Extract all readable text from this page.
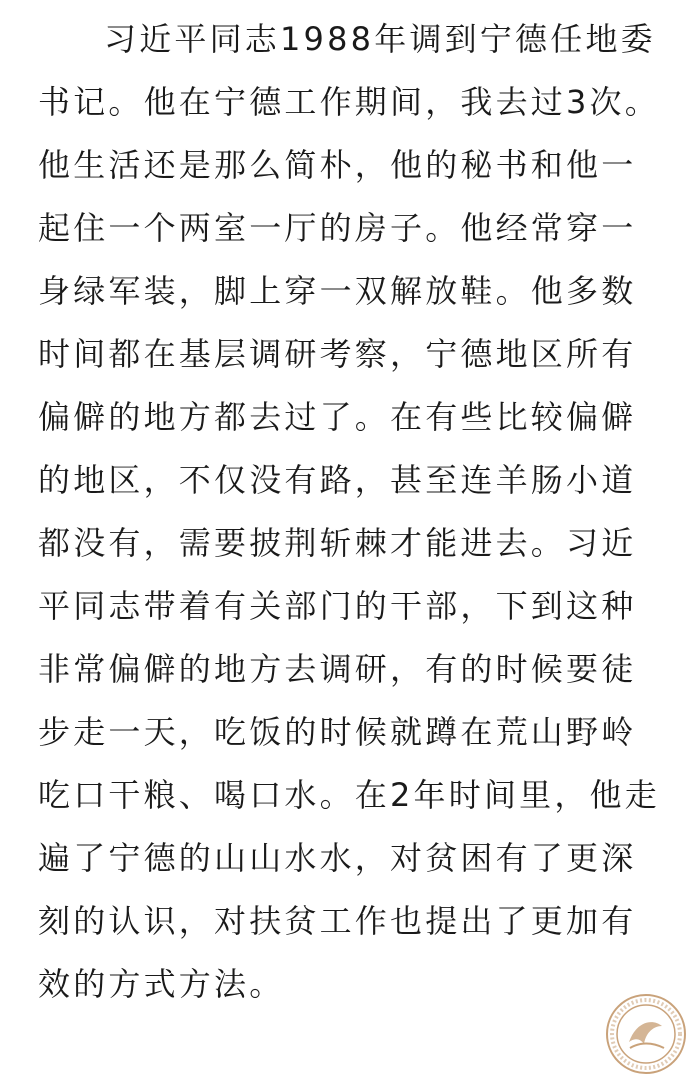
习近平同志1988年调到宁德任地委
书记。他在宁德工作期间，我去过3次。
他生活还是那么简朴，他的秘书和他一
起住一个两室一厅的房子。他经常穿一
身绿军装，脚上穿一双解放鞋。他多数
时间都在基层调研考察，宁德地区所有
偏僻的地方都去过了。在有些比较偏僻
的地区，不仅没有路，甚至连羊肠小道
都没有，需要披荆斩棘才能进去。习近
平同志带着有关部门的干部，下到这种
非常偏僻的地方去调研，有的时候要徒
步走一天，吃饭的时候就蹲在荒山野岭
吃口干粮、喝口水。在2年时间里，他走
遍了宁德的山山水水，对贫困有了更深
刻的认识，对扶贫工作也提出了更加有
效的方式方法。
